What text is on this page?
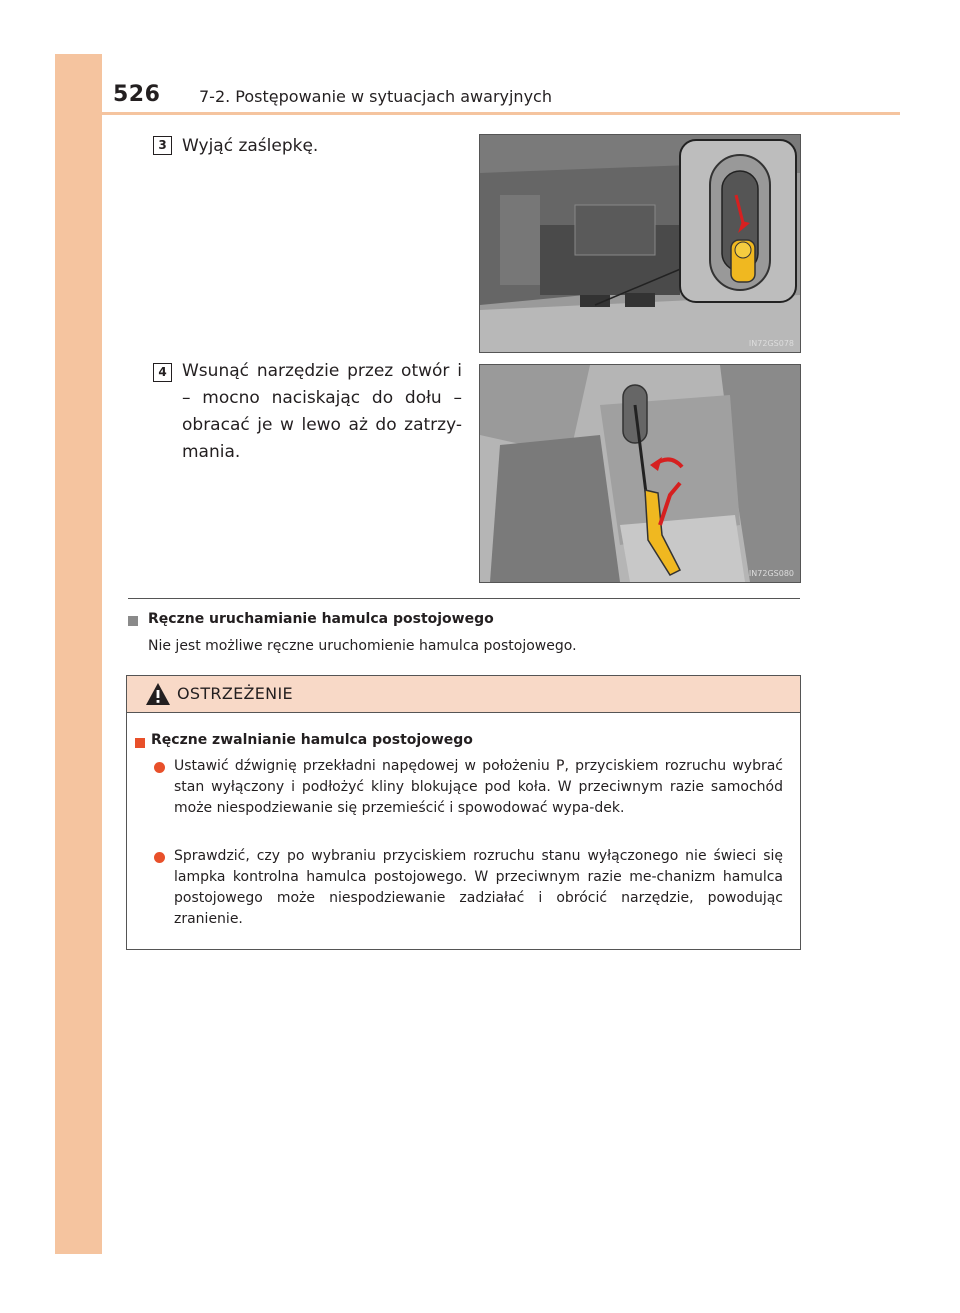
526 7-2. Postępowanie w sytuacjach awaryjnych
3 Wyjąć zaślepkę.
IN72GS078
4 Wsunąć narzędzie przez otwór i – mocno naciskając do dołu – obracać je w lewo aż do zatrzy-mania.
IN72GS080
Ręczne uruchamianie hamulca postojowego
Nie jest możliwe ręczne uruchomienie hamulca postojowego.
OSTRZEŻENIE
Ręczne zwalnianie hamulca postojowego
Ustawić dźwignię przekładni napędowej w położeniu P, przyciskiem rozruchu wybrać stan wyłączony i podłożyć kliny blokujące pod koła. W przeciwnym razie samochód może niespodziewanie się przemieścić i spowodować wypa-dek.
Sprawdzić, czy po wybraniu przyciskiem rozruchu stanu wyłączonego nie świeci się lampka kontrolna hamulca postojowego. W przeciwnym razie me-chanizm hamulca postojowego może niespodziewanie zadziałać i obrócić narzędzie, powodując zranienie.
